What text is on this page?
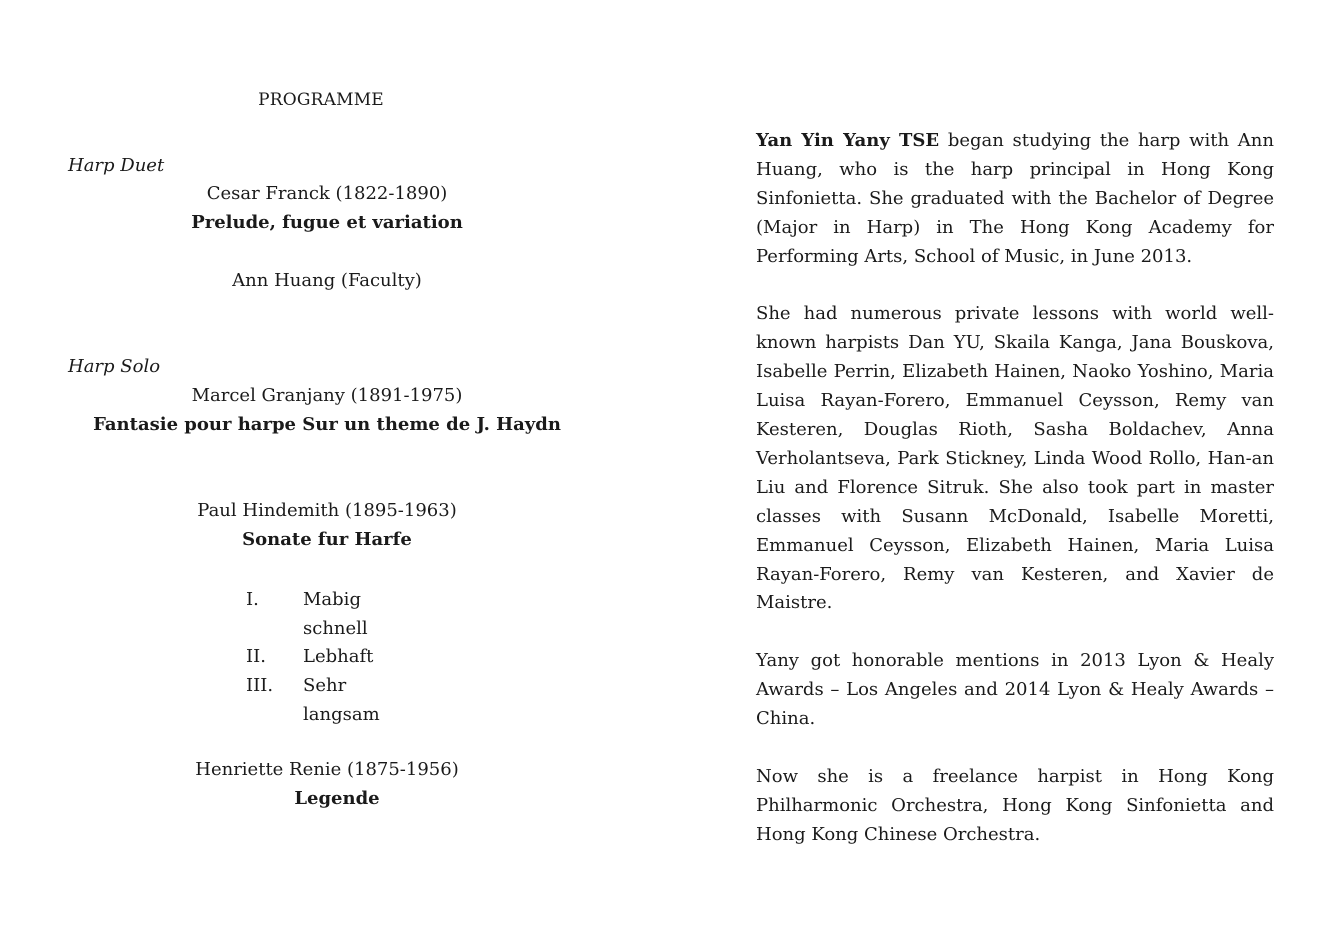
PROGRAMME
Harp Duet
Cesar Franck (1822-1890)
Prelude, fugue et variation
Ann Huang (Faculty)
Harp Solo
Marcel Granjany (1891-1975)
Fantasie pour harpe Sur un theme de J. Haydn
Paul Hindemith (1895-1963)
Sonate fur Harfe
I.	Mabig schnell
II.	Lebhaft
III.	Sehr langsam
Henriette Renie (1875-1956)
Legende

Yan Yin Yany TSE began studying the harp with Ann Huang, who is the harp principal in Hong Kong Sinfonietta. She graduated with the Bachelor of Degree (Major in Harp) in The Hong Kong Academy for Performing Arts, School of Music, in June 2013.

She had numerous private lessons with world well-known harpists Dan YU, Skaila Kanga, Jana Bouskova, Isabelle Perrin, Elizabeth Hainen, Naoko Yoshino, Maria Luisa Rayan-Forero, Emmanuel Ceysson, Remy van Kesteren, Douglas Rioth, Sasha Boldachev, Anna Verholantseva, Park Stickney, Linda Wood Rollo, Han-an Liu and Florence Sitruk. She also took part in master classes with Susann McDonald, Isabelle Moretti, Emmanuel Ceysson, Elizabeth Hainen, Maria Luisa Rayan-Forero, Remy van Kesteren, and Xavier de Maistre.

Yany got honorable mentions in 2013 Lyon & Healy Awards – Los Angeles and 2014 Lyon & Healy Awards – China.

Now she is a freelance harpist in Hong Kong Philharmonic Orchestra, Hong Kong Sinfonietta and Hong Kong Chinese Orchestra.
